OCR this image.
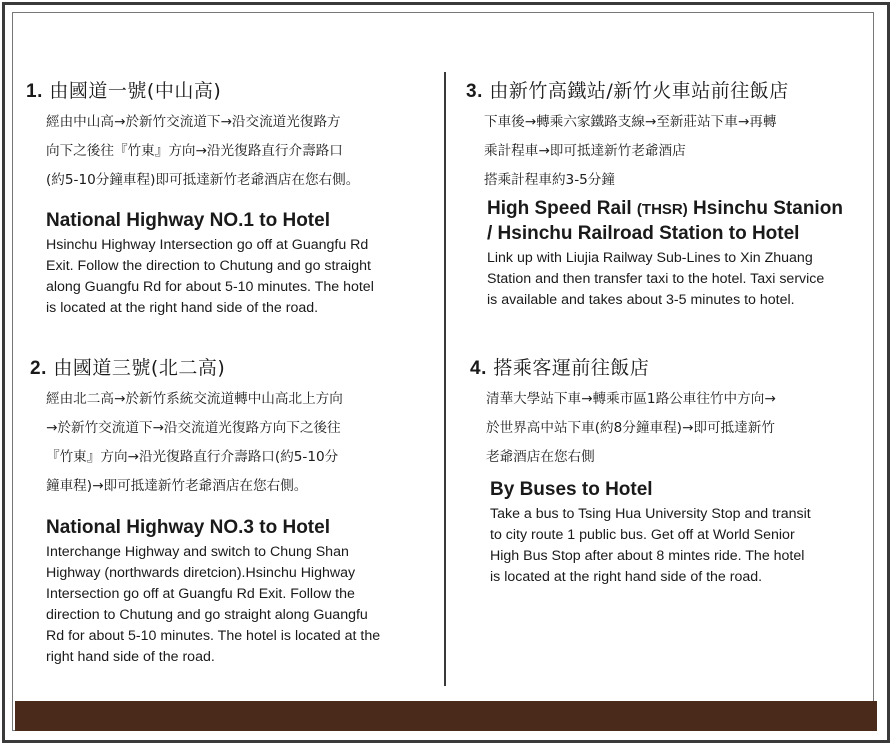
1. 由國道一號(中山高)
經由中山高→於新竹交流道下→沿交流道光復路方
向下之後往『竹東』方向→沿光復路直行介壽路口
(約5-10分鐘車程)即可抵達新竹老爺酒店在您右側。
National Highway NO.1 to Hotel
Hsinchu Highway Intersection go off at Guangfu Rd
Exit. Follow the direction to Chutung and go straight
along Guangfu Rd for about 5-10 minutes. The hotel
is located at the right hand side of the road.
2. 由國道三號(北二高)
經由北二高→於新竹系統交流道轉中山高北上方向
→於新竹交流道下→沿交流道光復路方向下之後往
『竹東』方向→沿光復路直行介壽路口(約5-10分
鐘車程)→即可抵達新竹老爺酒店在您右側。
National Highway NO.3 to Hotel
Interchange Highway and switch to Chung Shan
Highway (northwards diretcion).Hsinchu Highway
Intersection go off at Guangfu Rd Exit. Follow the
direction to Chutung and go straight along Guangfu
Rd for about 5-10 minutes. The hotel is located at the
right hand side of the road.
3. 由新竹高鐵站/新竹火車站前往飯店
下車後→轉乘六家鐵路支線→至新莊站下車→再轉
乘計程車→即可抵達新竹老爺酒店
搭乘計程車約3-5分鐘
High Speed Rail (THSR) Hsinchu Stanion
/ Hsinchu Railroad Station to Hotel
Link up with Liujia Railway Sub-Lines to Xin Zhuang
Station and then transfer taxi to the hotel. Taxi service
is available and takes about 3-5 minutes to hotel.
4. 搭乘客運前往飯店
清華大學站下車→轉乘市區1路公車往竹中方向→
於世界高中站下車(約8分鐘車程)→即可抵達新竹
老爺酒店在您右側
By Buses to Hotel
Take a bus to Tsing Hua University Stop and transit
to city route 1 public bus. Get off at World Senior
High Bus Stop after about 8 mintes ride. The hotel
is located at the right hand side of the road.
